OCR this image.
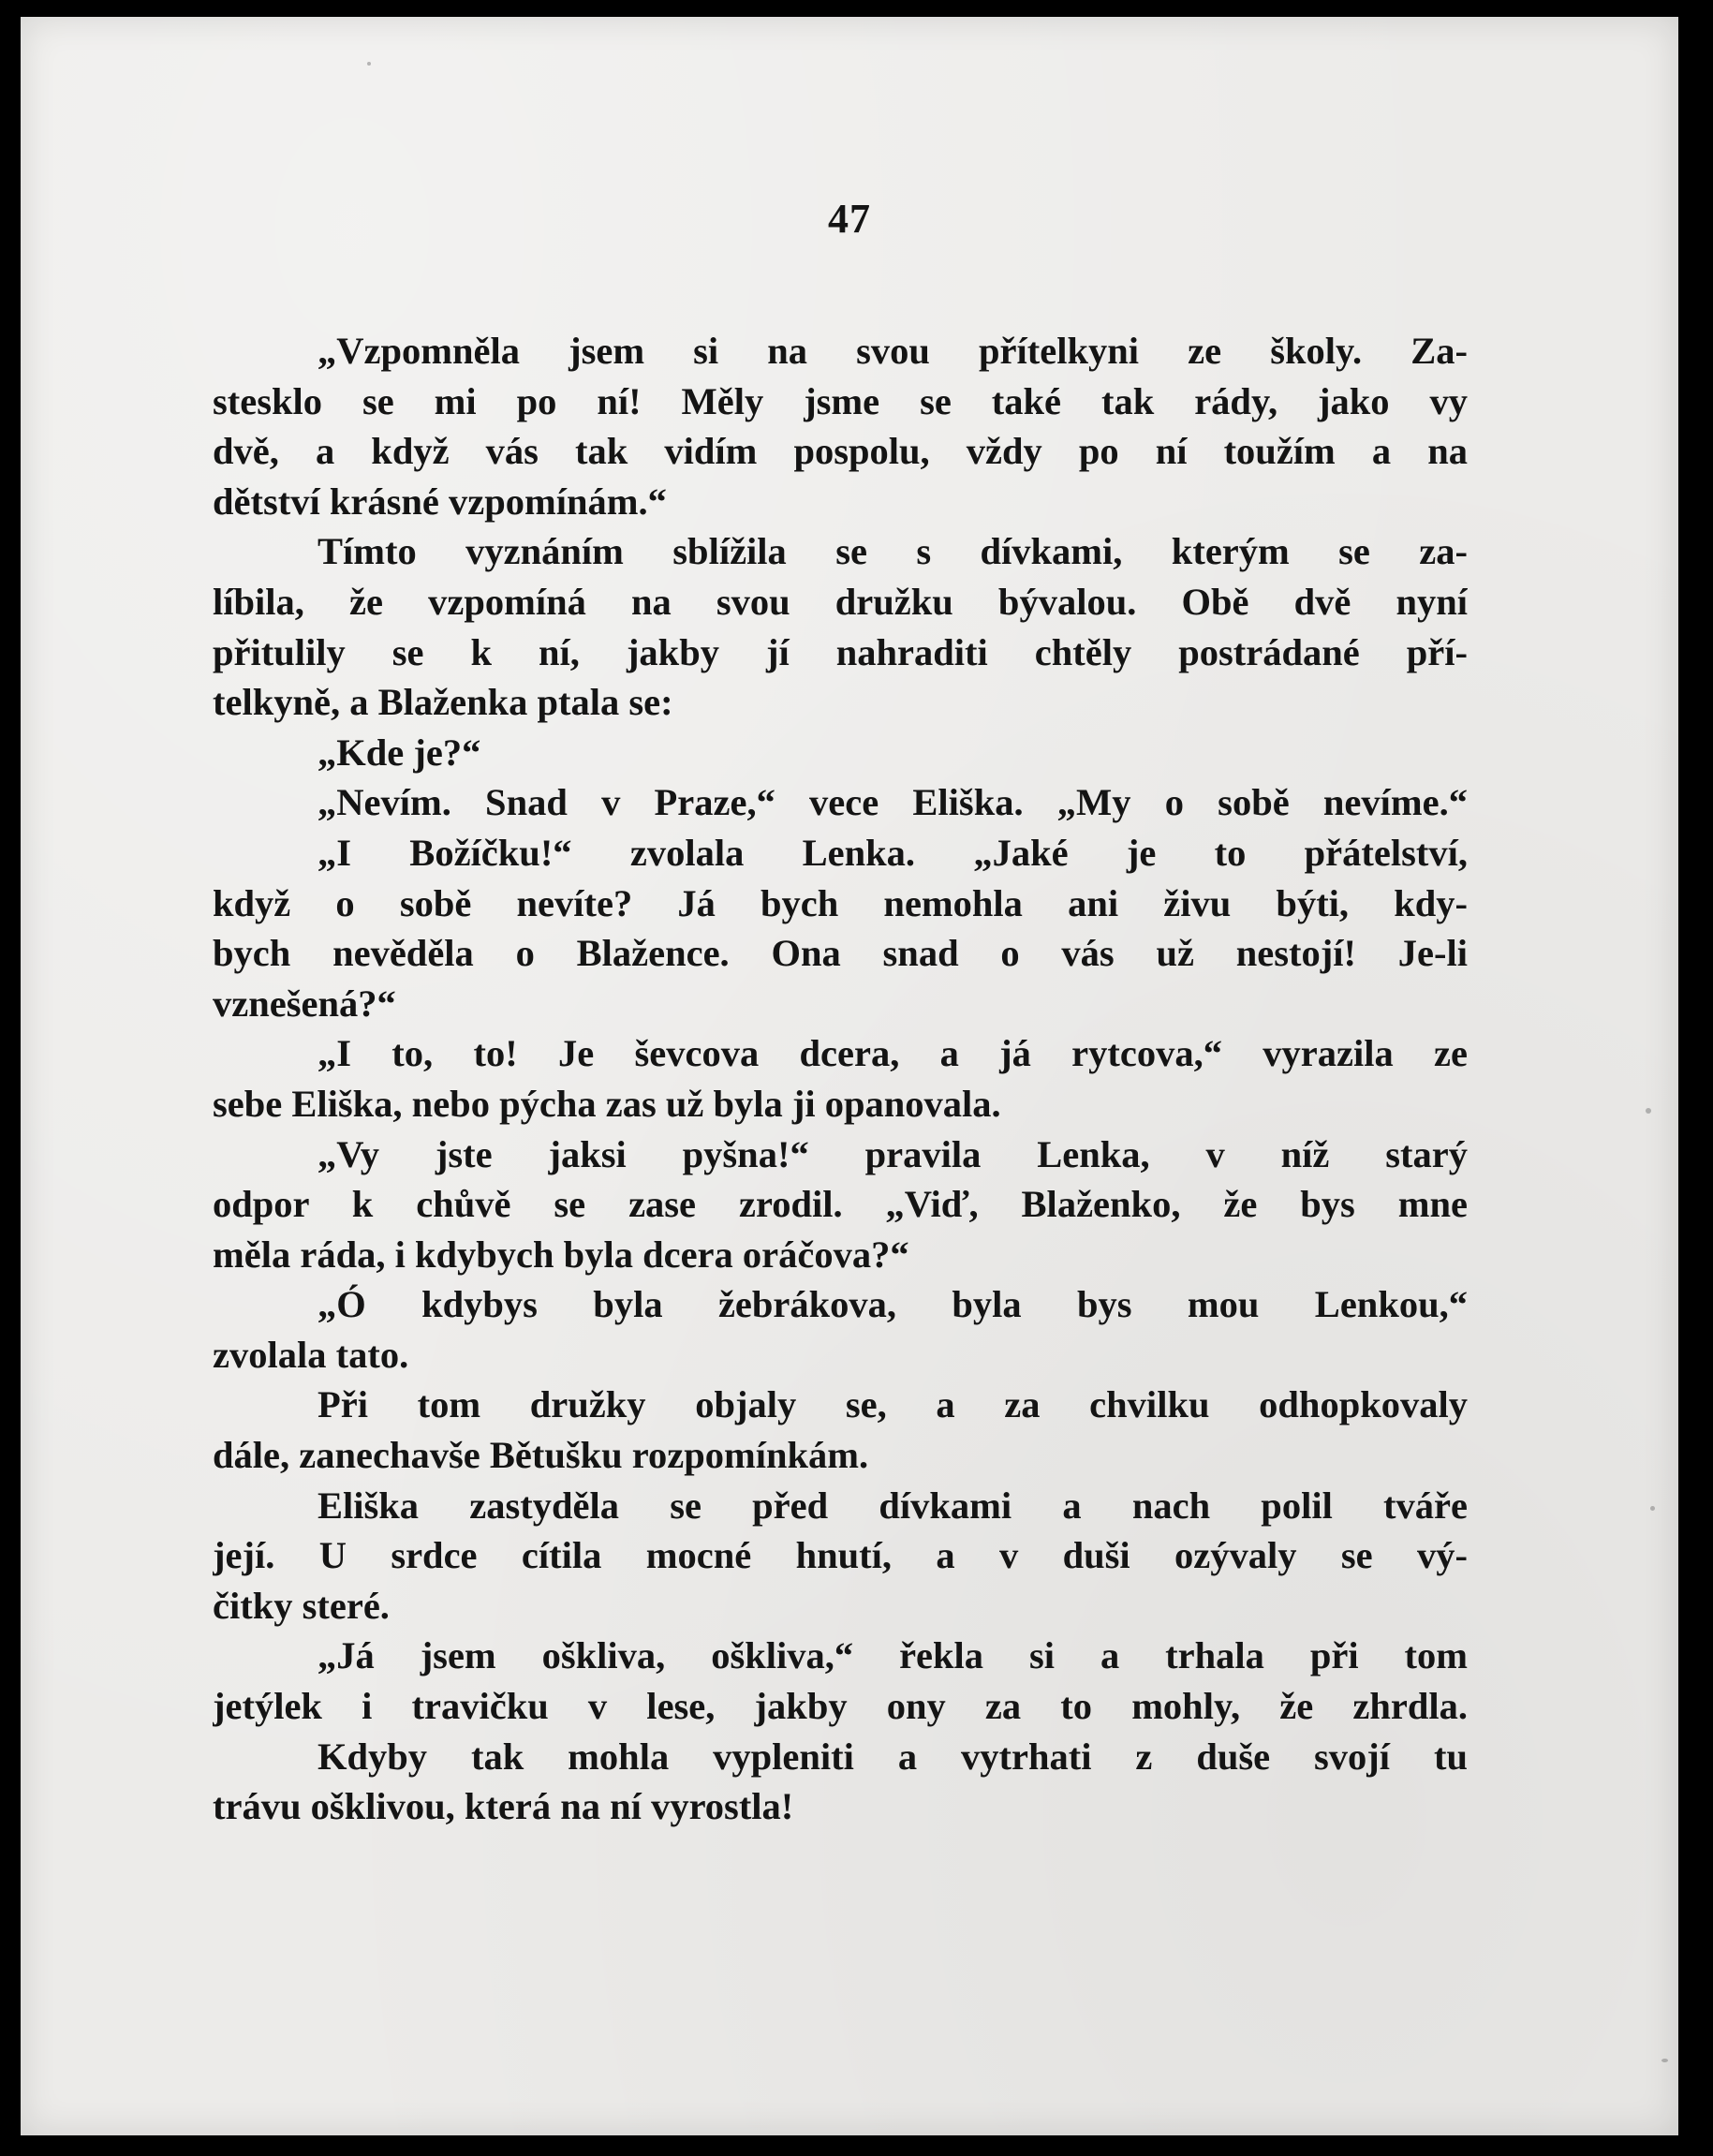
47
„Vzpomněla jsem si na svou přítelkyni ze školy. Za-
stesklo se mi po ní! Měly jsme se také tak rády, jako vy
dvě, a když vás tak vidím pospolu, vždy po ní toužím a na
dětství krásné vzpomínám.“
Tímto vyznáním sblížila se s dívkami, kterým se za-
líbila, že vzpomíná na svou družku bývalou. Obě dvě nyní
přitulily se k ní, jakby jí nahraditi chtěly postrádané pří-
telkyně, a Blaženka ptala se:
„Kde je?“
„Nevím. Snad v Praze,“ vece Eliška. „My o sobě nevíme.“
„I Božíčku!“ zvolala Lenka. „Jaké je to přátelství,
když o sobě nevíte? Já bych nemohla ani živu býti, kdy-
bych nevěděla o Blažence. Ona snad o vás už nestojí! Je-li
vznešená?“
„I to, to! Je ševcova dcera, a já rytcova,“ vyrazila ze
sebe Eliška, nebo pýcha zas už byla ji opanovala.
„Vy jste jaksi pyšna!“ pravila Lenka, v níž starý
odpor k chůvě se zase zrodil. „Viď, Blaženko, že bys mne
měla ráda, i kdybych byla dcera oráčova?“
„Ó kdybys byla žebrákova, byla bys mou Lenkou,“
zvolala tato.
Při tom družky objaly se, a za chvilku odhopkovaly
dále, zanechavše Bětušku rozpomínkám.
Eliška zastyděla se před dívkami a nach polil tváře
její. U srdce cítila mocné hnutí, a v duši ozývaly se vý-
čitky steré.
„Já jsem oškliva, oškliva,“ řekla si a trhala při tom
jetýlek i travičku v lese, jakby ony za to mohly, že zhrdla.
Kdyby tak mohla vypleniti a vytrhati z duše svojí tu
trávu ošklivou, která na ní vyrostla!
